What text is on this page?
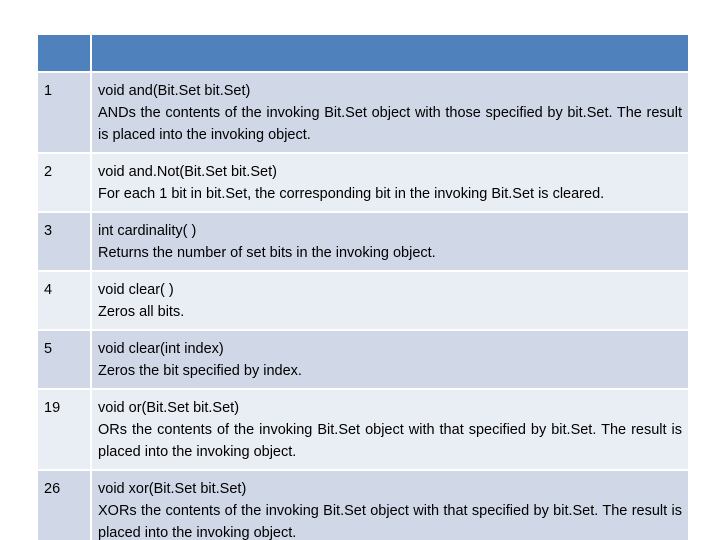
1	void and(Bit.Set bit.Set)
ANDs the contents of the invoking Bit.Set object with those specified by bit.Set. The result is placed into the invoking object.

2	void and.Not(Bit.Set bit.Set)
For each 1 bit in bit.Set, the corresponding bit in the invoking Bit.Set is cleared.

3	int cardinality( )
Returns the number of set bits in the invoking object.

4	void clear( )
Zeros all bits.

5	void clear(int index)
Zeros the bit specified by index.

19	void or(Bit.Set bit.Set)
ORs the contents of the invoking Bit.Set object with that specified by bit.Set. The result is placed into the invoking object.

26	void xor(Bit.Set bit.Set)
XORs the contents of the invoking Bit.Set object with that specified by bit.Set. The result is placed into the invoking object.
